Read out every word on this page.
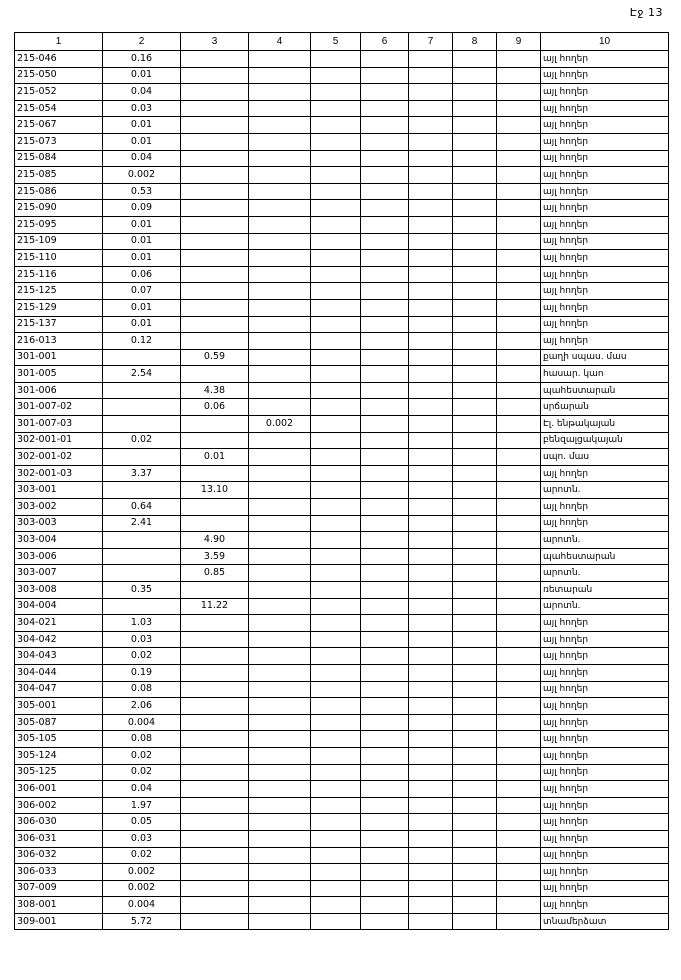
Էջ 13
1	2	3	4	5	6	7	8	9	10
215-046	0.16								այլ հողեր
215-050	0.01								այլ հողեր
215-052	0.04								այլ հողեր
215-054	0.03								այլ հողեր
215-067	0.01								այլ հողեր
215-073	0.01								այլ հողեր
215-084	0.04								այլ հողեր
215-085	0.002								այլ հողեր
215-086	0.53								այլ հողեր
215-090	0.09								այլ հողեր
215-095	0.01								այլ հողեր
215-109	0.01								այլ հողեր
215-110	0.01								այլ հողեր
215-116	0.06								այլ հողեր
215-125	0.07								այլ հողեր
215-129	0.01								այլ հողեր
215-137	0.01								այլ հողեր
216-013	0.12								այլ հողեր
301-001		0.59							քաղի սպաս. մաս
301-005	2.54								հասար. կաո
301-006		4.38							պահեստարան
301-007-02		0.06							սրճարան
301-007-03			0.002						Էլ. ենթակայան
302-001-01	0.02								բենզալցակայան
302-001-02		0.01							սպո. մաս
302-001-03	3.37								այլ հողեր
303-001		13.10							արոտն.
303-002	0.64								այլ հողեր
303-003	2.41								այլ հողեր
303-004		4.90							արոտն.
303-006		3.59							պահեստարան
303-007		0.85							արոտն.
303-008	0.35								ռետարան
304-004		11.22							արոտն.
304-021	1.03								այլ հողեր
304-042	0.03								այլ հողեր
304-043	0.02								այլ հողեր
304-044	0.19								այլ հողեր
304-047	0.08								այլ հողեր
305-001	2.06								այլ հողեր
305-087	0.004								այլ հողեր
305-105	0.08								այլ հողեր
305-124	0.02								այլ հողեր
305-125	0.02								այլ հողեր
306-001	0.04								այլ հողեր
306-002	1.97								այլ հողեր
306-030	0.05								այլ հողեր
306-031	0.03								այլ հողեր
306-032	0.02								այլ հողեր
306-033	0.002								այլ հողեր
307-009	0.002								այլ հողեր
308-001	0.004								այլ հողեր
309-001	5.72								տնամերձատ
